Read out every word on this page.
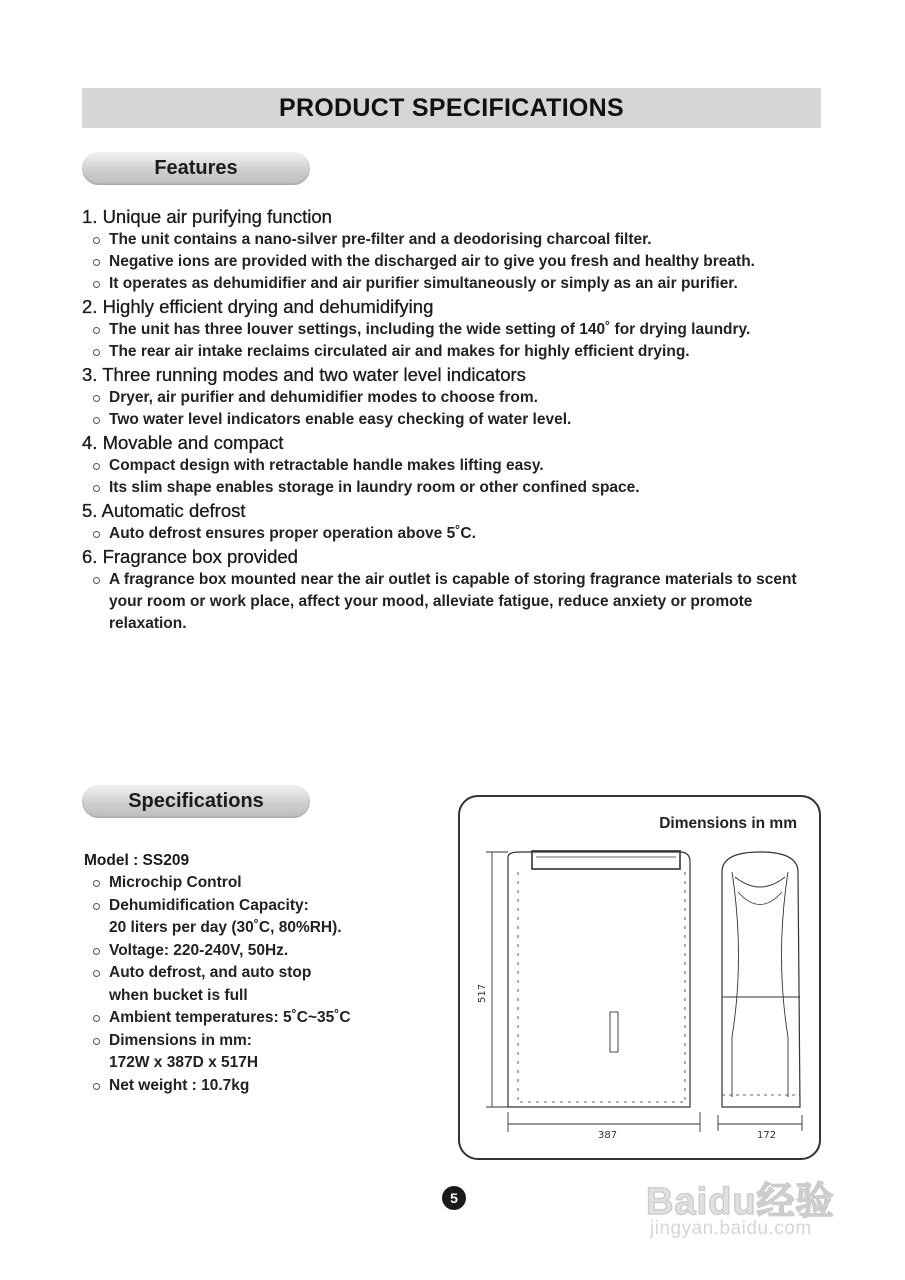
PRODUCT SPECIFICATIONS
Features
1. Unique air purifying function
The unit contains a nano-silver pre-filter and a deodorising charcoal filter.
Negative ions are provided with the discharged air to give you fresh and healthy breath.
It operates as dehumidifier and air purifier simultaneously or simply as an air purifier.
2. Highly efficient drying and dehumidifying
The unit has three louver settings, including the wide setting of 140˚ for drying laundry.
The rear air intake reclaims circulated air and makes for highly efficient drying.
3. Three running modes and two water level indicators
Dryer, air purifier and dehumidifier modes to choose from.
Two water level indicators enable easy checking of water level.
4. Movable and compact
Compact design with retractable handle makes lifting easy.
Its slim shape enables storage in laundry room or other confined space.
5. Automatic defrost
Auto defrost ensures proper operation above 5˚C.
6. Fragrance box provided
A fragrance box mounted near the air outlet is capable of storing fragrance materials to scent your room or work place, affect your mood, alleviate fatigue, reduce anxiety or promote relaxation.
Specifications
Model : SS209
Microchip Control
Dehumidification Capacity:
20 liters per day (30˚C, 80%RH).
Voltage: 220-240V, 50Hz.
Auto defrost, and auto stop
when bucket is full
Ambient temperatures: 5˚C~35˚C
Dimensions in mm:
172W x 387D x 517H
Net weight : 10.7kg
Dimensions in mm
517
387	172
5	Baidu经验
jingyan.baidu.com
